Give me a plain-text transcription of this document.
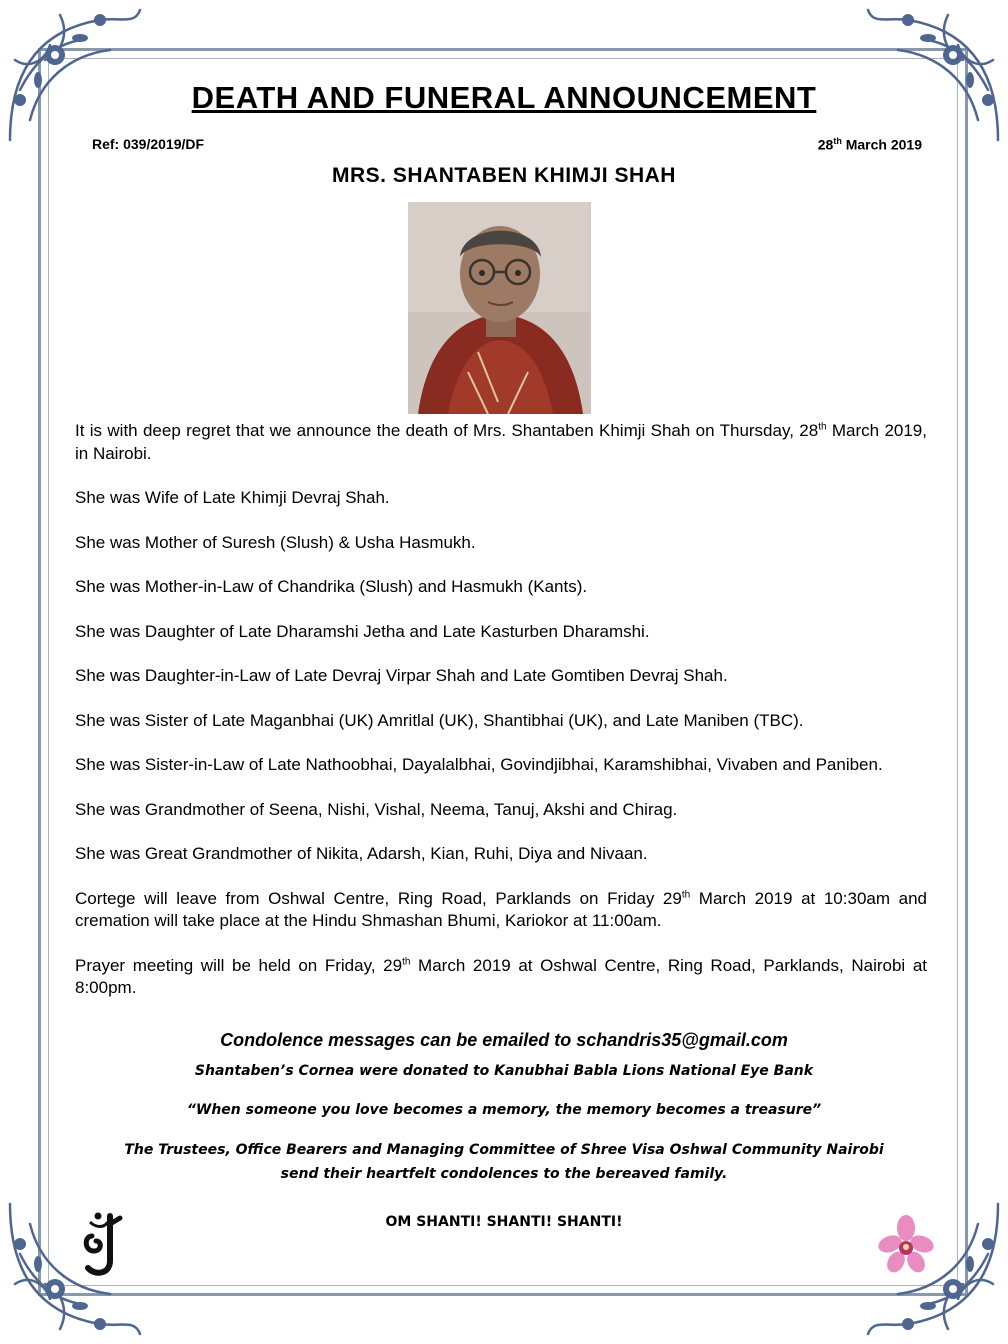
DEATH AND FUNERAL ANNOUNCEMENT
Ref: 039/2019/DF	28th March 2019
MRS. SHANTABEN KHIMJI SHAH

It is with deep regret that we announce the death of Mrs. Shantaben Khimji Shah on Thursday, 28th March 2019, in Nairobi.

She was Wife of Late Khimji Devraj Shah.

She was Mother of Suresh (Slush) & Usha Hasmukh.

She was Mother-in-Law of Chandrika (Slush) and Hasmukh (Kants).

She was Daughter of Late Dharamshi Jetha and Late Kasturben Dharamshi.

She was Daughter-in-Law of Late Devraj Virpar Shah and Late Gomtiben Devraj Shah.

She was Sister of Late Maganbhai (UK) Amritlal (UK), Shantibhai (UK), and Late Maniben (TBC).

She was Sister-in-Law of Late Nathoobhai, Dayalalbhai, Govindjibhai, Karamshibhai, Vivaben and Paniben.

She was Grandmother of Seena, Nishi, Vishal, Neema, Tanuj, Akshi and Chirag.

She was Great Grandmother of Nikita, Adarsh, Kian, Ruhi, Diya and Nivaan.

Cortege will leave from Oshwal Centre, Ring Road, Parklands on Friday 29th March 2019 at 10:30am and cremation will take place at the Hindu Shmashan Bhumi, Kariokor at 11:00am.

Prayer meeting will be held on Friday, 29th March 2019 at Oshwal Centre, Ring Road, Parklands, Nairobi at 8:00pm.

Condolence messages can be emailed to schandris35@gmail.com
Shantaben’s Cornea were donated to Kanubhai Babla Lions National Eye Bank
“When someone you love becomes a memory, the memory becomes a treasure”
The Trustees, Office Bearers and Managing Committee of Shree Visa Oshwal Community Nairobi
send their heartfelt condolences to the bereaved family.
OM SHANTI! SHANTI! SHANTI!
